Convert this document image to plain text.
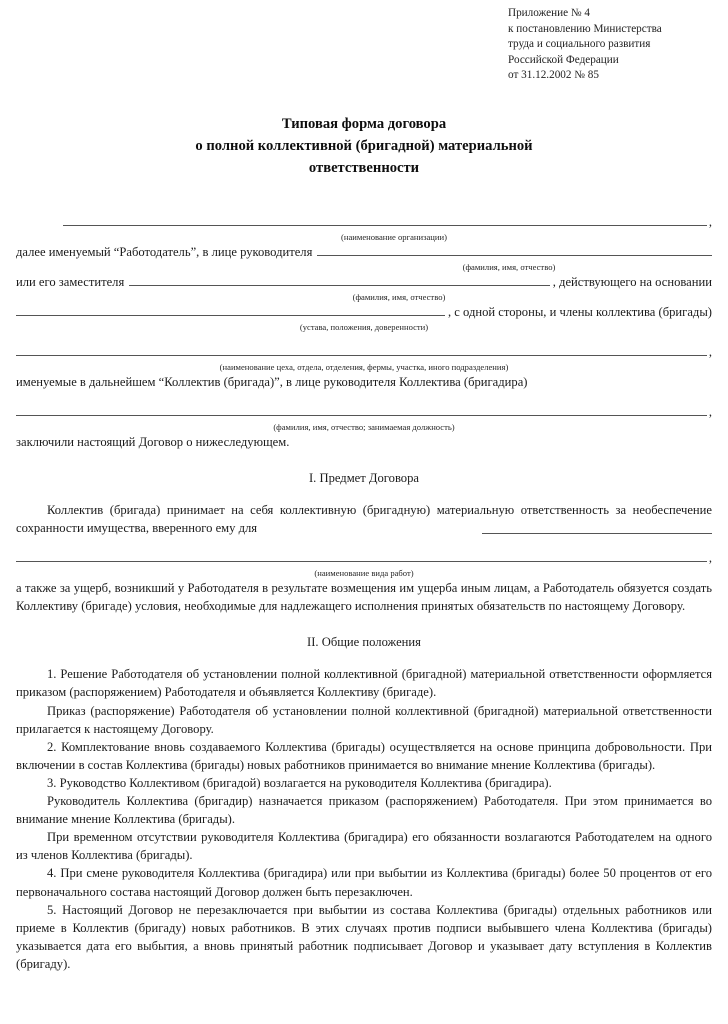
Приложение № 4
к постановлению Министерства
труда и социального развития
Российской Федерации
от 31.12.2002 № 85
Типовая форма договора
о полной коллективной (бригадной) материальной
ответственности
,
(наименование организации)
далее именуемый “Работодатель”, в лице руководителя
(фамилия, имя, отчество)
или его заместителя	, действующего на основании
(фамилия, имя, отчество)
, с одной стороны, и члены коллектива (бригады)
(устава, положения, доверенности)
,
(наименование цеха, отдела, отделения, фермы, участка, иного подразделения)
именуемые в дальнейшем “Коллектив (бригада)”, в лице руководителя Коллектива (бригадира)
,
(фамилия, имя, отчество; занимаемая должность)
заключили настоящий Договор о нижеследующем.
I. Предмет Договора
Коллектив (бригада) принимает на себя коллективную (бригадную) материальную ответственность за необеспечение сохранности имущества, вверенного ему для
,
(наименование вида работ)

а также за ущерб, возникший у Работодателя в результате возмещения им ущерба иным лицам, а Работодатель обязуется создать Коллективу (бригаде) условия, необходимые для надлежащего исполнения принятых обязательств по настоящему Договору.

II. Общие положения

1. Решение Работодателя об установлении полной коллективной (бригадной) материальной ответственности оформляется приказом (распоряжением) Работодателя и объявляется Коллективу (бригаде).

Приказ (распоряжение) Работодателя об установлении полной коллективной (бригадной) материальной ответственности прилагается к настоящему Договору.

2. Комплектование вновь создаваемого Коллектива (бригады) осуществляется на основе принципа добровольности. При включении в состав Коллектива (бригады) новых работников принимается во внимание мнение Коллектива (бригады).

3. Руководство Коллективом (бригадой) возлагается на руководителя Коллектива (бригадира).

Руководитель Коллектива (бригадир) назначается приказом (распоряжением) Работодателя. При этом принимается во внимание мнение Коллектива (бригады).

При временном отсутствии руководителя Коллектива (бригадира) его обязанности возлагаются Работодателем на одного из членов Коллектива (бригады).

4. При смене руководителя Коллектива (бригадира) или при выбытии из Коллектива (бригады) более 50 процентов от его первоначального состава настоящий Договор должен быть перезаключен.

5. Настоящий Договор не перезаключается при выбытии из состава Коллектива (бригады) отдельных работников или приеме в Коллектив (бригаду) новых работников. В этих случаях против подписи выбывшего члена Коллектива (бригады) указывается дата его выбытия, а вновь принятый работник подписывает Договор и указывает дату вступления в Коллектив (бригаду).
